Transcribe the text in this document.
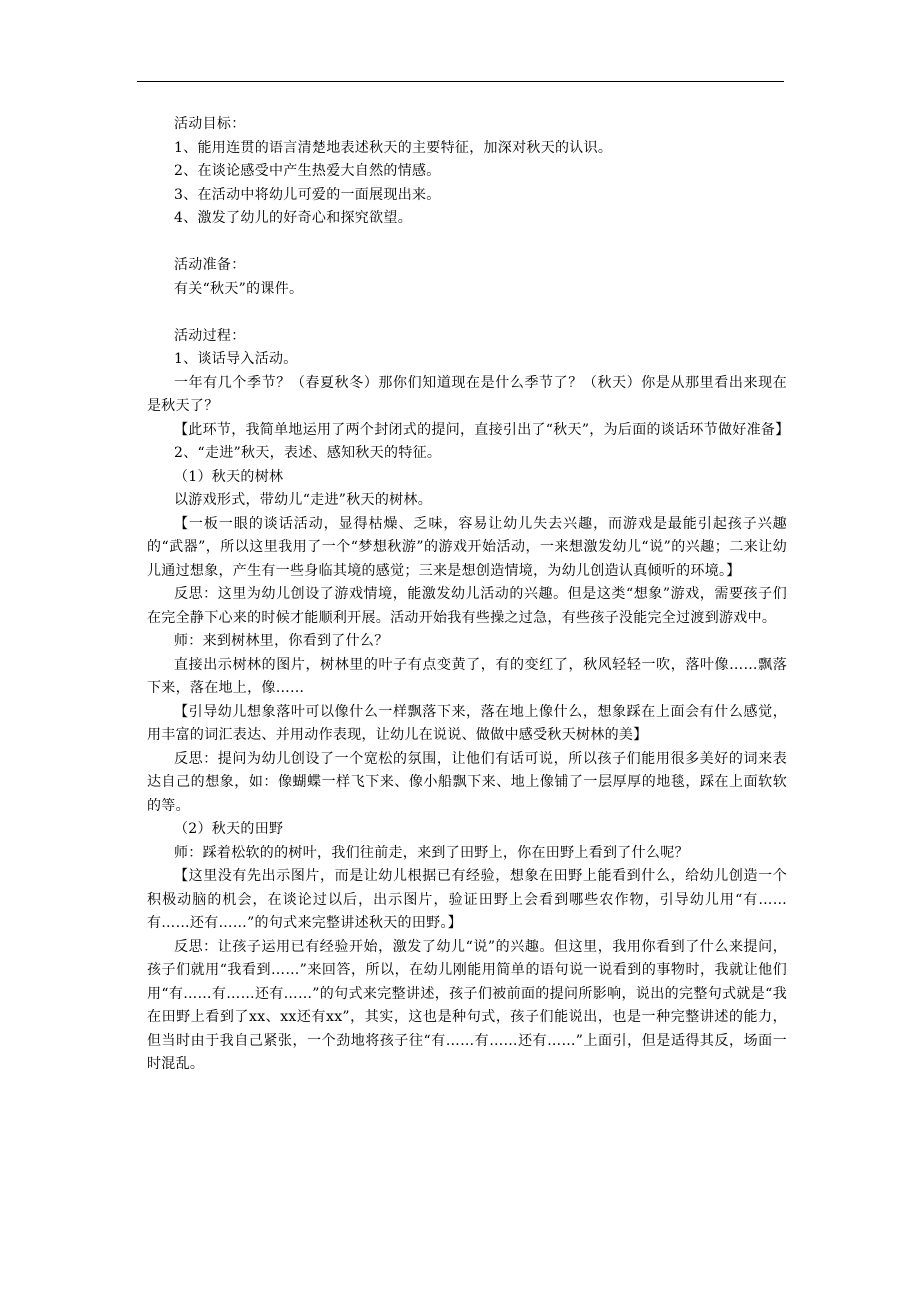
活动目标：

1、能用连贯的语言清楚地表述秋天的主要特征，加深对秋天的认识。

2、在谈论感受中产生热爱大自然的情感。

3、在活动中将幼儿可爱的一面展现出来。

4、激发了幼儿的好奇心和探究欲望。

活动准备：

有关“秋天”的课件。

活动过程：

1、谈话导入活动。

一年有几个季节？（春夏秋冬）那你们知道现在是什么季节了？（秋天）你是从那里看出来现在是秋天了？

【此环节，我简单地运用了两个封闭式的提问，直接引出了“秋天”，为后面的谈话环节做好准备】

2、“走进”秋天，表述、感知秋天的特征。

（1）秋天的树林

以游戏形式，带幼儿“走进”秋天的树林。

【一板一眼的谈话活动，显得枯燥、乏味，容易让幼儿失去兴趣，而游戏是最能引起孩子兴趣的“武器”，所以这里我用了一个“梦想秋游”的游戏开始活动，一来想激发幼儿“说”的兴趣；二来让幼儿通过想象，产生有一些身临其境的感觉；三来是想创造情境，为幼儿创造认真倾听的环境。】

反思：这里为幼儿创设了游戏情境，能激发幼儿活动的兴趣。但是这类“想象”游戏，需要孩子们在完全静下心来的时候才能顺利开展。活动开始我有些操之过急，有些孩子没能完全过渡到游戏中。

师：来到树林里，你看到了什么？

直接出示树林的图片，树林里的叶子有点变黄了，有的变红了，秋风轻轻一吹，落叶像……飘落下来，落在地上，像……

【引导幼儿想象落叶可以像什么一样飘落下来，落在地上像什么，想象踩在上面会有什么感觉，用丰富的词汇表达、并用动作表现，让幼儿在说说、做做中感受秋天树林的美】

反思：提问为幼儿创设了一个宽松的氛围，让他们有话可说，所以孩子们能用很多美好的词来表达自己的想象，如：像蝴蝶一样飞下来、像小船飘下来、地上像铺了一层厚厚的地毯，踩在上面软软的等。

（2）秋天的田野

师：踩着松软的的树叶，我们往前走，来到了田野上，你在田野上看到了什么呢？

【这里没有先出示图片，而是让幼儿根据已有经验，想象在田野上能看到什么，给幼儿创造一个积极动脑的机会，在谈论过以后，出示图片，验证田野上会看到哪些农作物，引导幼儿用“有……有……还有……”的句式来完整讲述秋天的田野。】

反思：让孩子运用已有经验开始，激发了幼儿“说”的兴趣。但这里，我用你看到了什么来提问，孩子们就用“我看到……”来回答，所以，在幼儿刚能用简单的语句说一说看到的事物时，我就让他们用“有……有……还有……”的句式来完整讲述，孩子们被前面的提问所影响，说出的完整句式就是“我在田野上看到了xx、xx还有xx”，其实，这也是种句式，孩子们能说出，也是一种完整讲述的能力，但当时由于我自己紧张，一个劲地将孩子往“有……有……还有……”上面引，但是适得其反，场面一时混乱。
